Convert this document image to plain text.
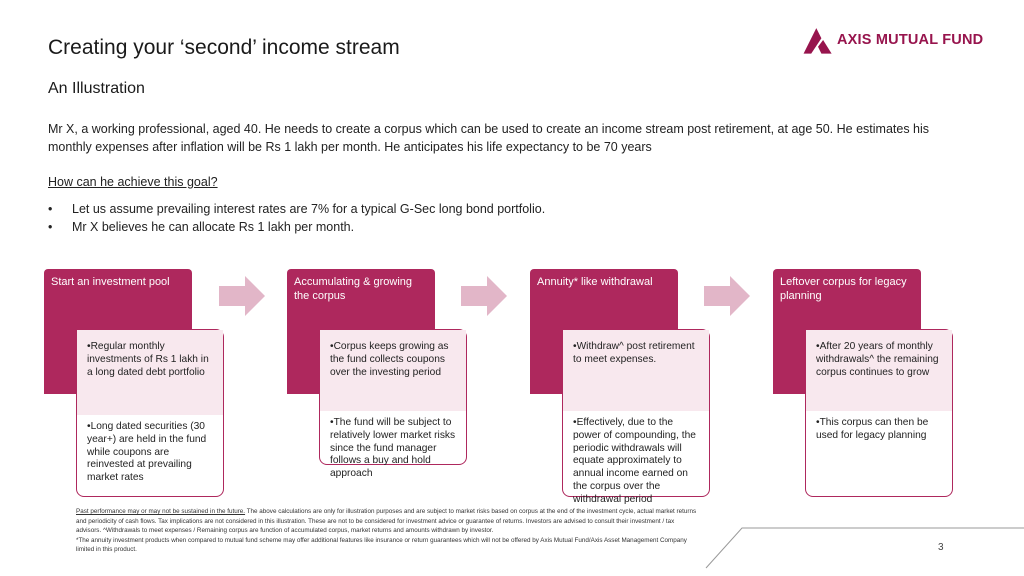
Creating your ‘second’ income stream
An Illustration
AXIS MUTUAL FUND

Mr X, a working professional, aged 40. He needs to create a corpus which can be used to create an income stream post retirement, at age 50. He estimates his monthly expenses after inflation will be Rs 1 lakh per month. He anticipates his life expectancy to be 70 years

How can he achieve this goal?

• Let us assume prevailing interest rates are 7% for a typical G-Sec long bond portfolio.
• Mr X believes he can allocate Rs 1 lakh per month.
Start an investment pool
•Regular monthly investments of Rs 1 lakh in a long dated debt portfolio
•Long dated securities (30 year+) are held in the fund while coupons are reinvested at prevailing market rates
Accumulating & growing the corpus
•Corpus keeps growing as the fund collects coupons over the investing period
•The fund will be subject to relatively lower market risks since the fund manager follows a buy and hold approach
Annuity* like withdrawal
•Withdraw^ post retirement to meet expenses.
•Effectively, due to the power of compounding, the periodic withdrawals will equate approximately to annual income earned on the corpus over the withdrawal period
Leftover corpus for legacy planning
•After 20 years of monthly withdrawals^ the remaining corpus continues to grow
•This corpus can then be used for legacy planning

Past performance may or may not be sustained in the future. The above calculations are only for illustration purposes and are subject to market risks based on corpus at the end of the investment cycle, actual market returns and periodicity of cash flows. Tax implications are not considered in this illustration. These are not to be considered for investment advice or guarantee of returns. Investors are advised to consult their investment / tax advisors. ^Withdrawals to meet expenses / Remaining corpus are function of accumulated corpus, market returns and amounts withdrawn by investor.
*The annuity investment products when compared to mutual fund scheme may offer additional features like insurance or return guarantees which will not be offered by Axis Mutual Fund/Axis Asset Management Company limited in this product.	3
